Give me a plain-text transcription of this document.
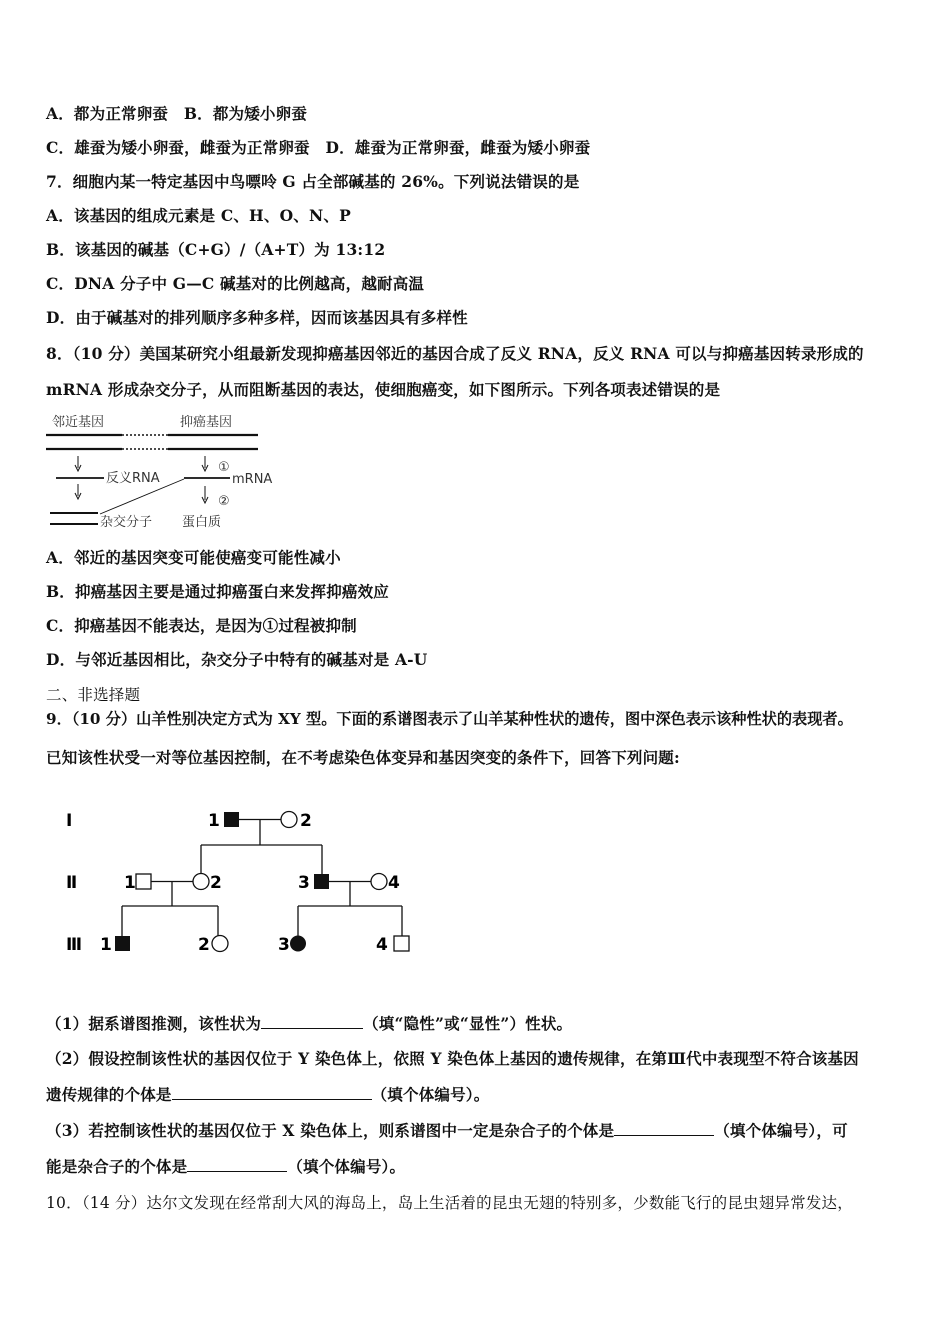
A．都为正常卵蚕　B．都为矮小卵蚕
C．雄蚕为矮小卵蚕，雌蚕为正常卵蚕　D．雄蚕为正常卵蚕，雌蚕为矮小卵蚕
7．细胞内某一特定基因中鸟嘌呤 G 占全部碱基的 26%。下列说法错误的是
A．该基因的组成元素是 C、H、O、N、P
B．该基因的碱基（C+G）/（A+T）为 13:12
C．DNA 分子中 G—C 碱基对的比例越高，越耐高温
D．由于碱基对的排列顺序多种多样，因而该基因具有多样性
8．（10 分）美国某研究小组最新发现抑癌基因邻近的基因合成了反义 RNA，反义 RNA 可以与抑癌基因转录形成的
mRNA 形成杂交分子，从而阻断基因的表达，使细胞癌变，如下图所示。下列各项表述错误的是
邻近基因	抑癌基因
①
反义RNA	mRNA
②
杂交分子 蛋白质
A．邻近的基因突变可能使癌变可能性减小
B．抑癌基因主要是通过抑癌蛋白来发挥抑癌效应
C．抑癌基因不能表达，是因为①过程被抑制
D．与邻近基因相比，杂交分子中特有的碱基对是 A-U
二、非选择题
9．（10 分）山羊性别决定方式为 XY 型。下面的系谱图表示了山羊某种性状的遗传，图中深色表示该种性状的表现者。
已知该性状受一对等位基因控制，在不考虑染色体变异和基因突变的条件下，回答下列问题:
Ⅰ
Ⅱ
Ⅲ
1	2
1	2	3	4
1	2	3	4
（1）据系谱图推测，该性状为	（填“隐性”或“显性”）性状。
（2）假设控制该性状的基因仅位于 Y 染色体上，依照 Y 染色体上基因的遗传规律，在第Ⅲ代中表现型不符合该基因
遗传规律的个体是	（填个体编号）。
（3）若控制该性状的基因仅位于 X 染色体上，则系谱图中一定是杂合子的个体是	（填个体编号），可
能是杂合子的个体是	（填个体编号）。
10．（14 分）达尔文发现在经常刮大风的海岛上，岛上生活着的昆虫无翅的特别多，少数能飞行的昆虫翅异常发达，
